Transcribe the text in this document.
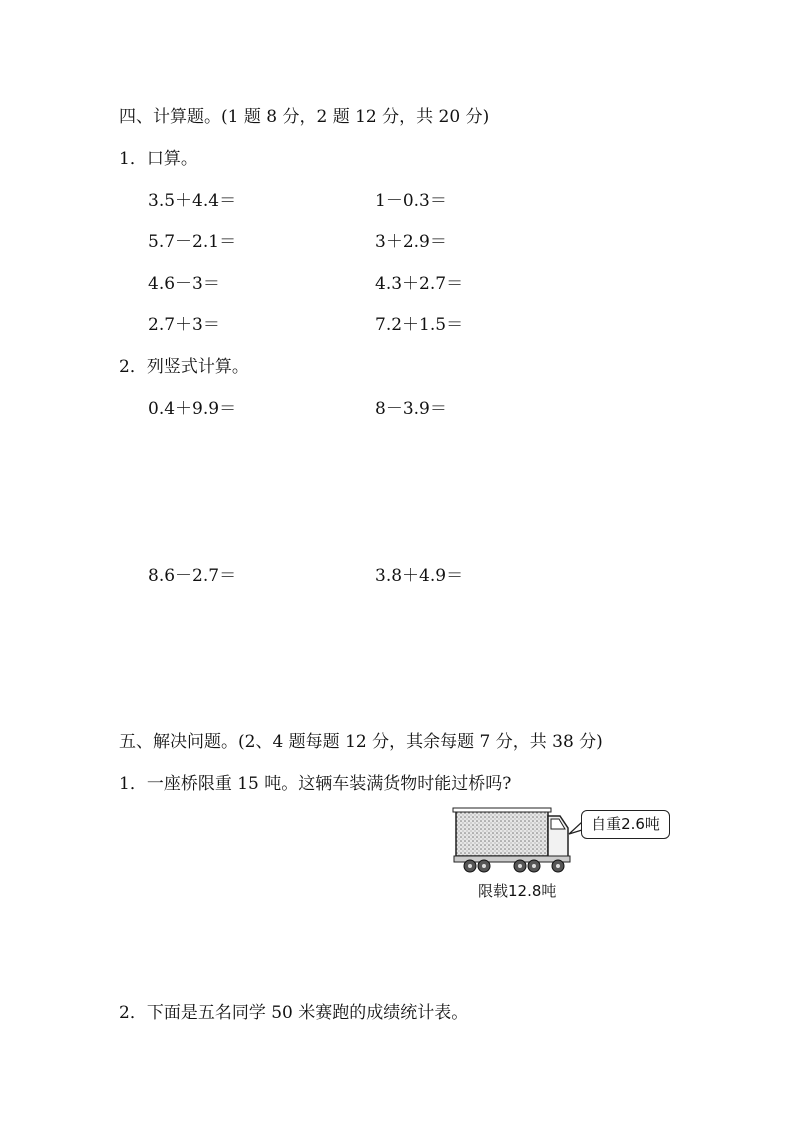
四、计算题。(1 题 8 分，2 题 12 分，共 20 分)
1．口算。
3.5＋4.4＝	1－0.3＝
5.7－2.1＝	3＋2.9＝
4.6－3＝	4.3＋2.7＝
2.7＋3＝	7.2＋1.5＝
2．列竖式计算。
0.4＋9.9＝	8－3.9＝
8.6－2.7＝	3.8＋4.9＝
五、解决问题。(2、4 题每题 12 分，其余每题 7 分，共 38 分)
1．一座桥限重 15 吨。这辆车装满货物时能过桥吗?
自重2.6吨
限载12.8吨
2．下面是五名同学 50 米赛跑的成绩统计表。
